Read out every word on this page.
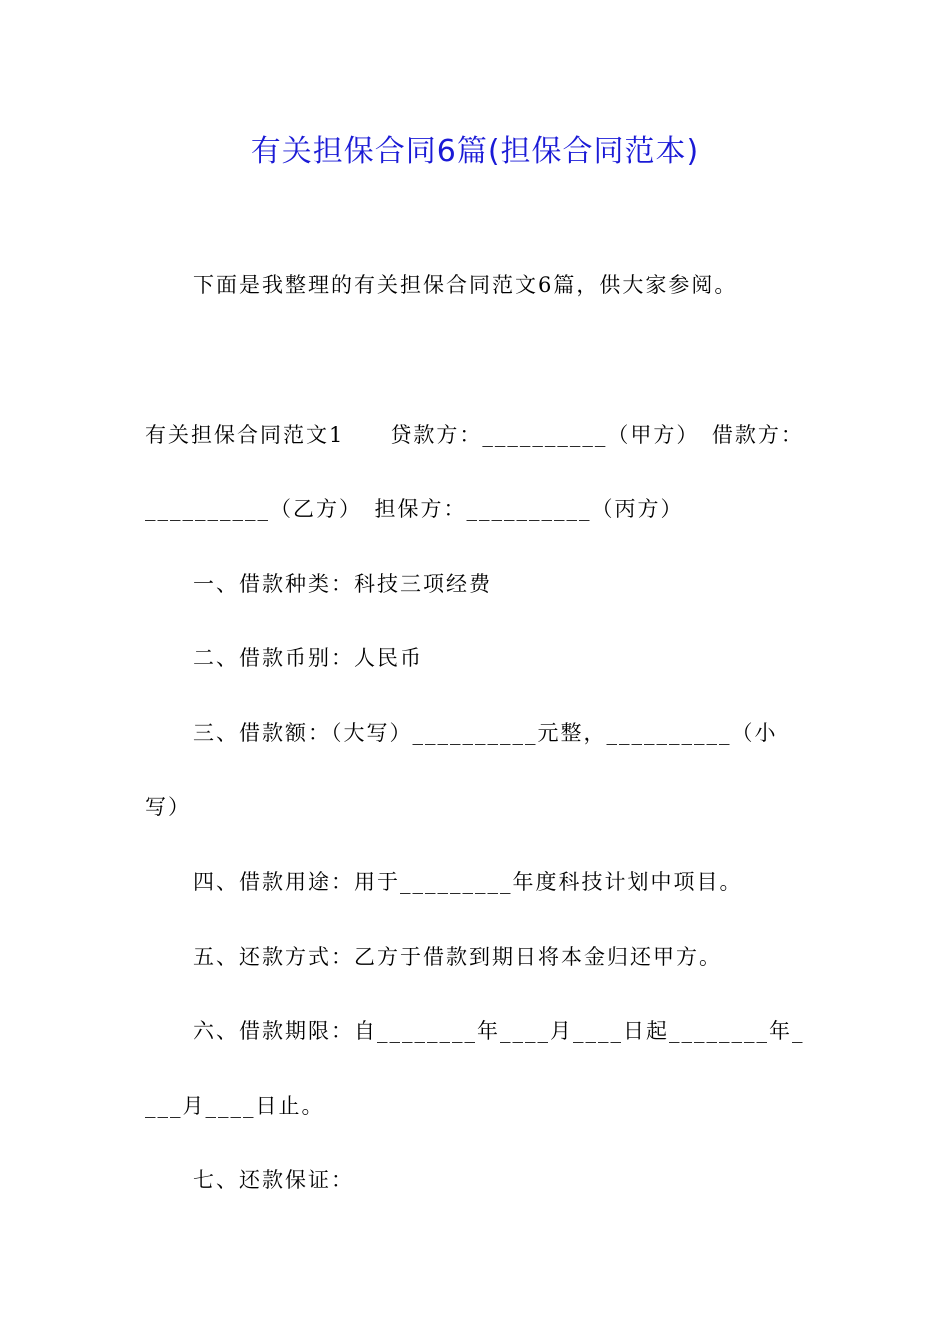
有关担保合同6篇(担保合同范本)
下面是我整理的有关担保合同范文6篇，供大家参阅。
有关担保合同范文1　　贷款方：__________（甲方）　借款方：
__________（乙方）　担保方：__________（丙方）
一、借款种类：科技三项经费
二、借款币别：人民币
三、借款额：（大写）__________元整，__________（小
写）
四、借款用途：用于_________年度科技计划中项目。
五、还款方式：乙方于借款到期日将本金归还甲方。
六、借款期限：自________年____月____日起________年_
___月____日止。
七、还款保证：
